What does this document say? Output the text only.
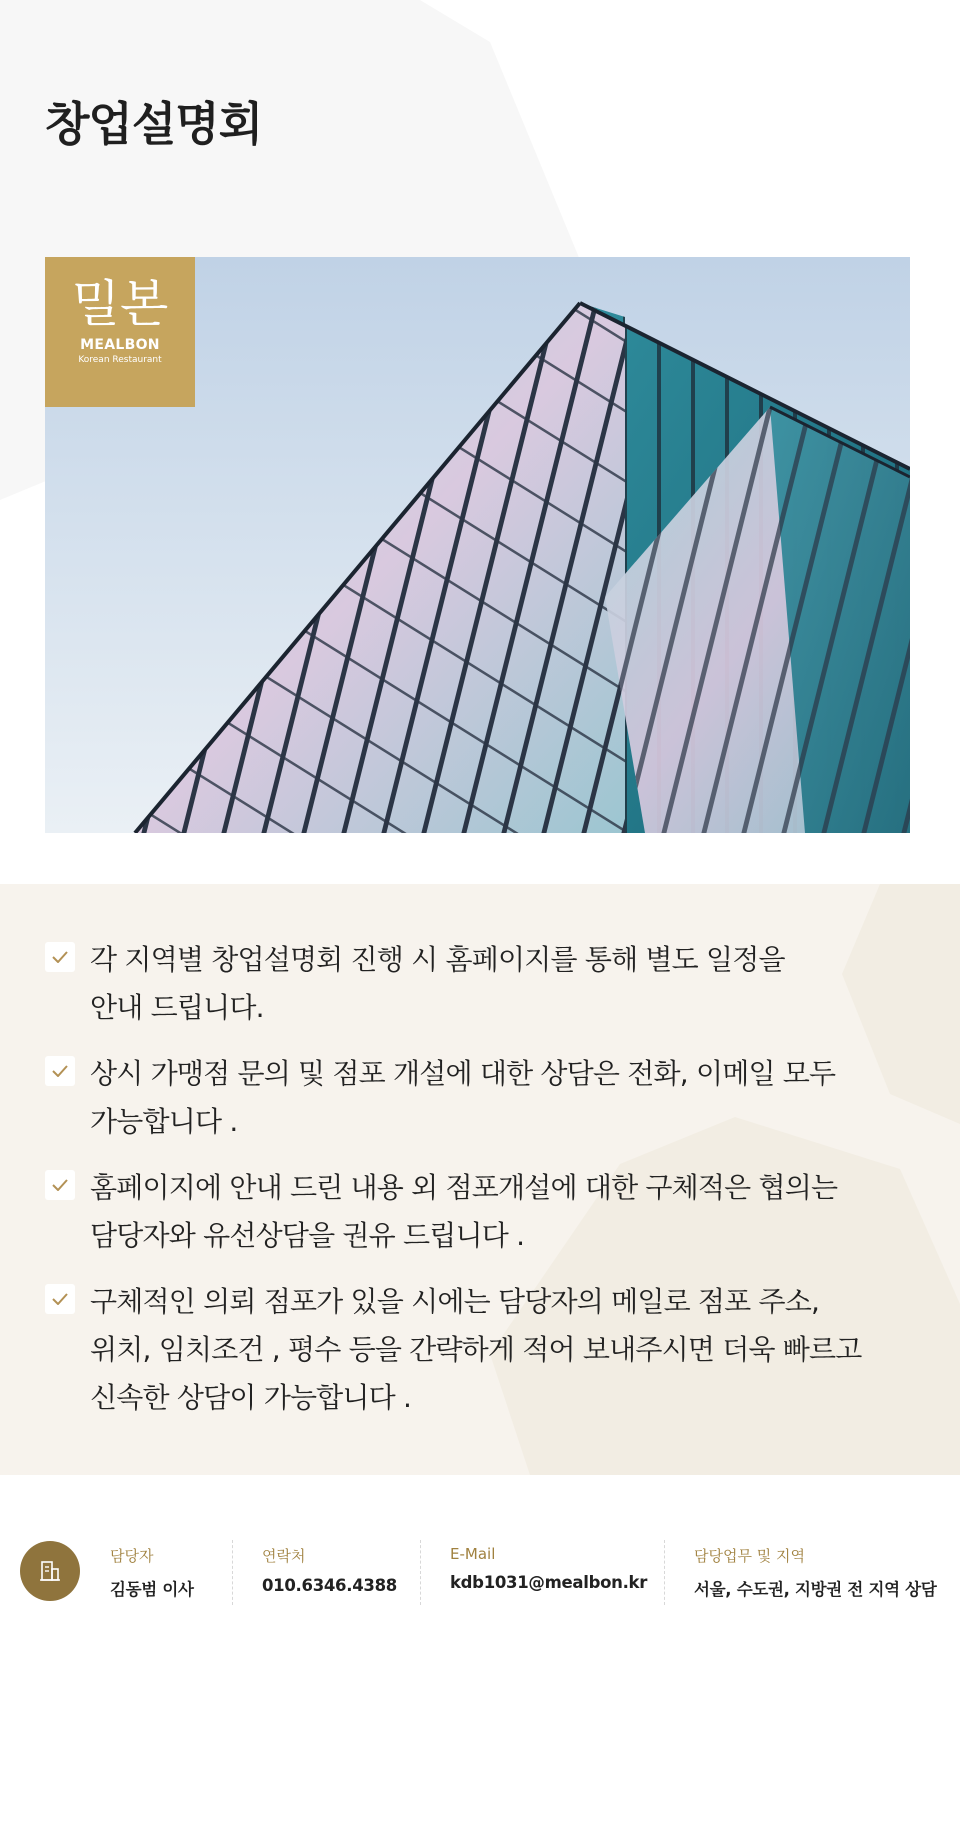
창업설명회
밀본
MEALBON
Korean Restaurant
각 지역별 창업설명회 진행 시 홈페이지를 통해 별도 일정을
안내 드립니다.
상시 가맹점 문의 및 점포 개설에 대한 상담은 전화, 이메일 모두
가능합니다 .
홈페이지에 안내 드린 내용 외 점포개설에 대한 구체적은 협의는
담당자와 유선상담을 권유 드립니다 .
구체적인 의뢰 점포가 있을 시에는 담당자의 메일로 점포 주소,
위치, 임치조건 , 평수 등을 간략하게 적어 보내주시면 더욱 빠르고
신속한 상담이 가능합니다 .
담당자
김동범 이사
연락처
010.6346.4388
E-Mail
kdb1031@mealbon.kr
담당업무 및 지역
서울, 수도권, 지방권 전 지역 상담
